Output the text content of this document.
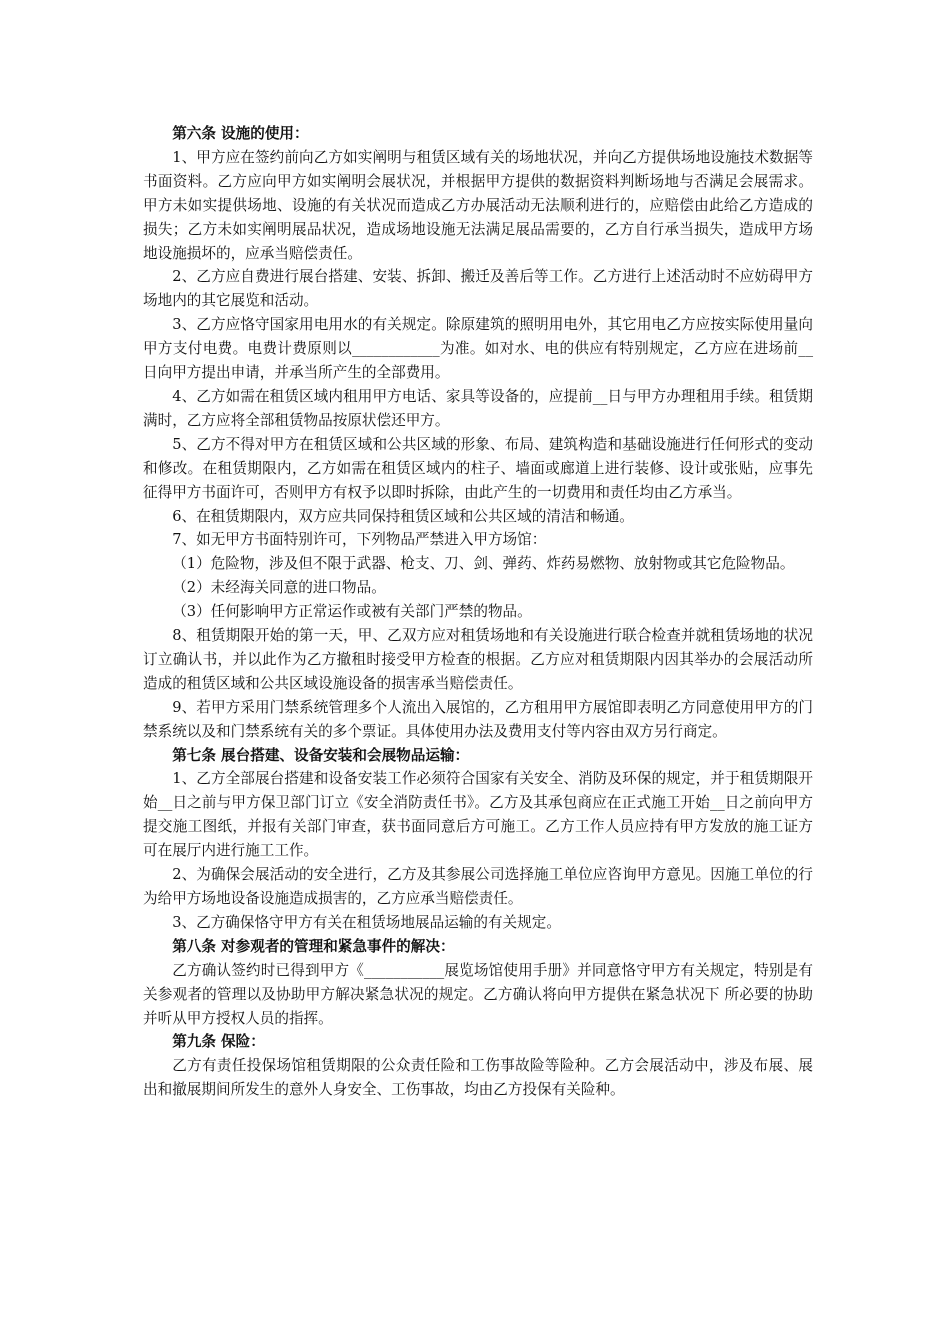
第六条 设施的使用：
1、甲方应在签约前向乙方如实阐明与租赁区域有关的场地状况，并向乙方提供场地设施技术数据等书面资料。乙方应向甲方如实阐明会展状况，并根据甲方提供的数据资料判断场地与否满足会展需求。甲方未如实提供场地、设施的有关状况而造成乙方办展活动无法顺利进行的，应赔偿由此给乙方造成的损失；乙方未如实阐明展品状况，造成场地设施无法满足展品需要的，乙方自行承当损失，造成甲方场地设施损坏的，应承当赔偿责任。
2、乙方应自费进行展台搭建、安装、拆卸、搬迁及善后等工作。乙方进行上述活动时不应妨碍甲方场地内的其它展览和活动。
3、乙方应恪守国家用电用水的有关规定。除原建筑的照明用电外，其它用电乙方应按实际使用量向甲方支付电费。电费计费原则以____________为准。如对水、电的供应有特别规定，乙方应在进场前__日向甲方提出申请，并承当所产生的全部费用。
4、乙方如需在租赁区域内租用甲方电话、家具等设备的，应提前__日与甲方办理租用手续。租赁期满时，乙方应将全部租赁物品按原状偿还甲方。
5、乙方不得对甲方在租赁区域和公共区域的形象、布局、建筑构造和基础设施进行任何形式的变动和修改。在租赁期限内，乙方如需在租赁区域内的柱子、墙面或廊道上进行装修、设计或张贴，应事先征得甲方书面许可，否则甲方有权予以即时拆除，由此产生的一切费用和责任均由乙方承当。
6、在租赁期限内，双方应共同保持租赁区域和公共区域的清洁和畅通。
7、如无甲方书面特别许可，下列物品严禁进入甲方场馆：
（1）危险物，涉及但不限于武器、枪支、刀、剑、弹药、炸药易燃物、放射物或其它危险物品。
（2）未经海关同意的进口物品。
（3）任何影响甲方正常运作或被有关部门严禁的物品。
8、租赁期限开始的第一天，甲、乙双方应对租赁场地和有关设施进行联合检查并就租赁场地的状况订立确认书，并以此作为乙方撤租时接受甲方检查的根据。乙方应对租赁期限内因其举办的会展活动所造成的租赁区域和公共区域设施设备的损害承当赔偿责任。
9、若甲方采用门禁系统管理多个人流出入展馆的，乙方租用甲方展馆即表明乙方同意使用甲方的门禁系统以及和门禁系统有关的多个票证。具体使用办法及费用支付等内容由双方另行商定。
第七条 展台搭建、设备安装和会展物品运输：
1、乙方全部展台搭建和设备安装工作必须符合国家有关安全、消防及环保的规定，并于租赁期限开始__日之前与甲方保卫部门订立《安全消防责任书》。乙方及其承包商应在正式施工开始__日之前向甲方提交施工图纸，并报有关部门审查，获书面同意后方可施工。乙方工作人员应持有甲方发放的施工证方可在展厅内进行施工工作。
2、为确保会展活动的安全进行，乙方及其参展公司选择施工单位应咨询甲方意见。因施工单位的行为给甲方场地设备设施造成损害的，乙方应承当赔偿责任。
3、乙方确保恪守甲方有关在租赁场地展品运输的有关规定。
第八条 对参观者的管理和紧急事件的解决：
乙方确认签约时已得到甲方《___________展览场馆使用手册》并同意恪守甲方有关规定，特别是有关参观者的管理以及协助甲方解决紧急状况的规定。乙方确认将向甲方提供在紧急状况下 所必要的协助并听从甲方授权人员的指挥。
第九条 保险：
乙方有责任投保场馆租赁期限的公众责任险和工伤事故险等险种。乙方会展活动中，涉及布展、展出和撤展期间所发生的意外人身安全、工伤事故，均由乙方投保有关险种。
